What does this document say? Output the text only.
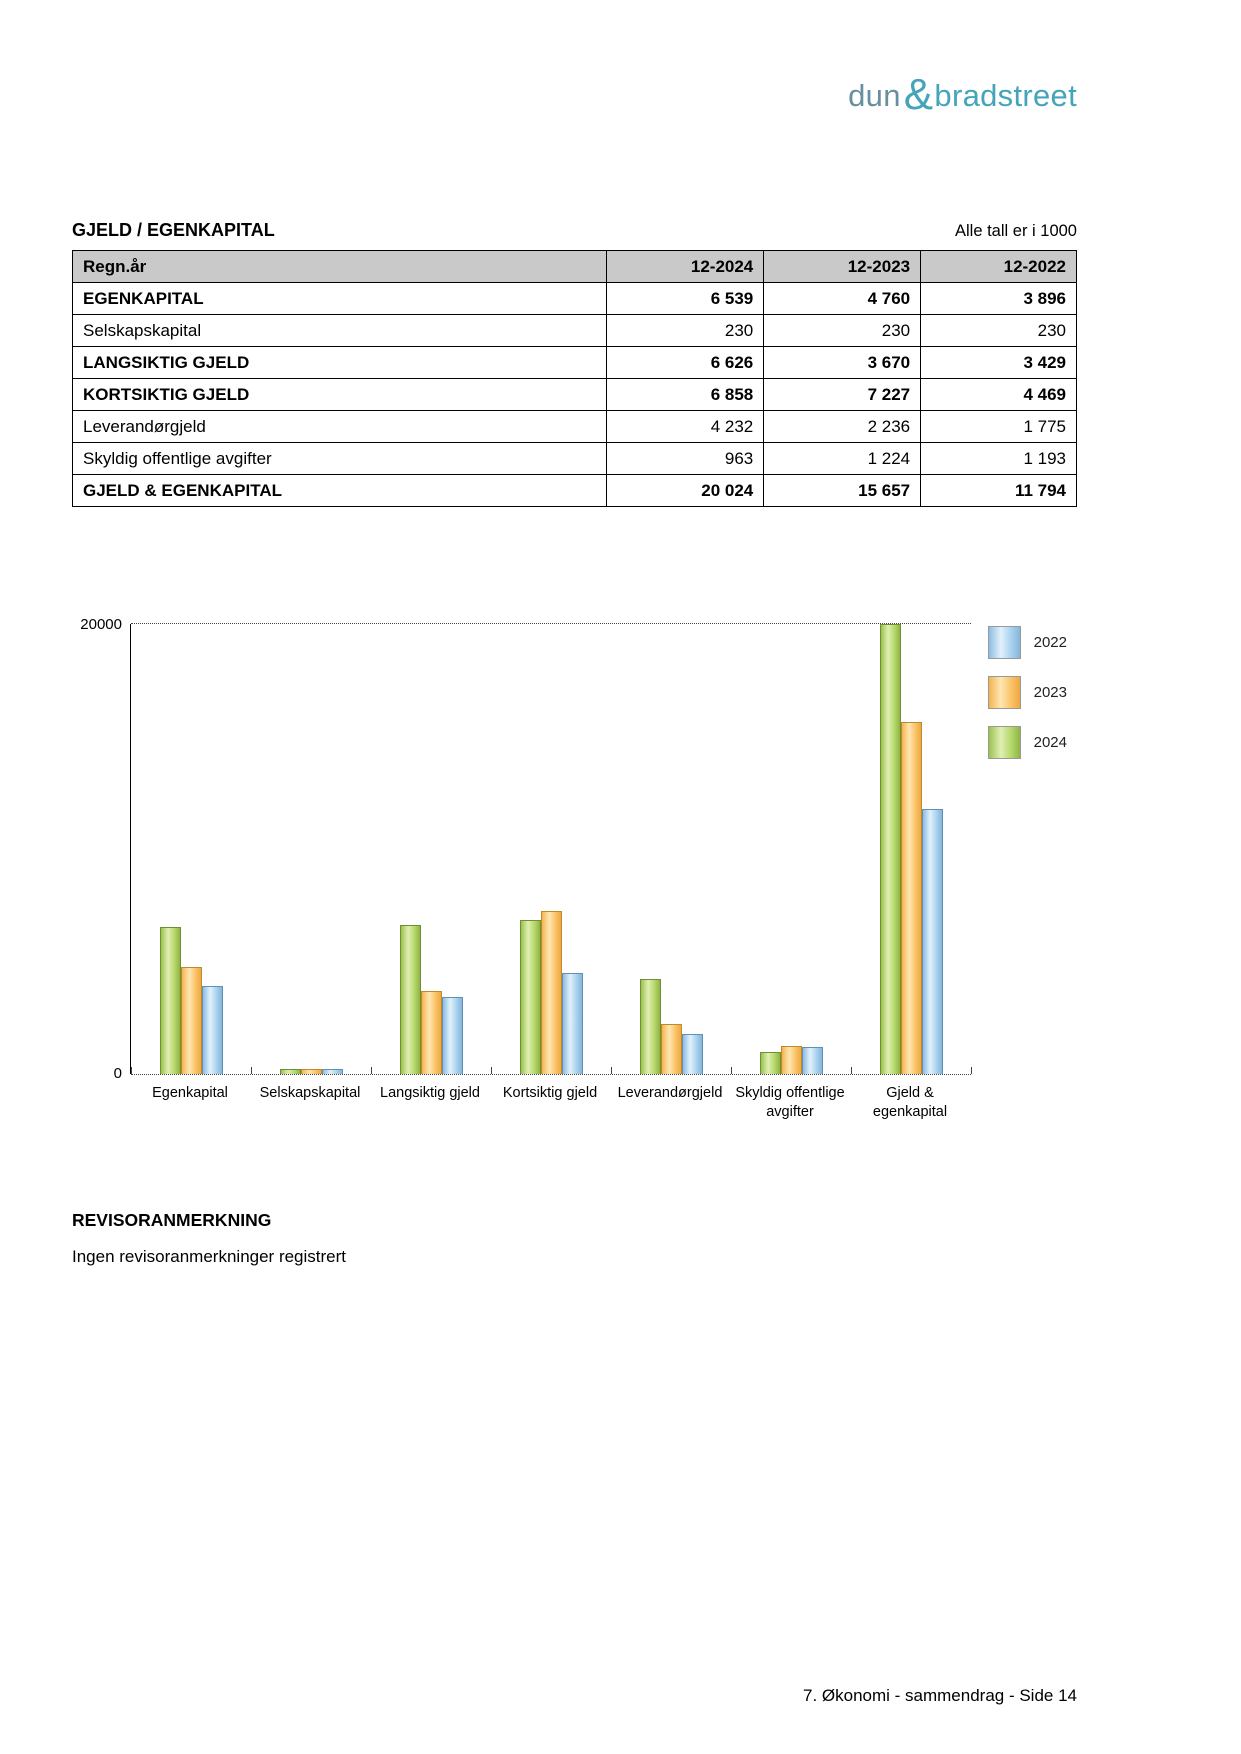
dun & bradstreet
GJELD / EGENKAPITAL	Alle tall er i 1000
Regn.år	12-2024	12-2023	12-2022
EGENKAPITAL	6 539	4 760	3 896
Selskapskapital	230	230	230
LANGSIKTIG GJELD	6 626	3 670	3 429
KORTSIKTIG GJELD	6 858	7 227	4 469
Leverandørgjeld	4 232	2 236	1 775
Skyldig offentlige avgifter	963	1 224	1 193
GJELD & EGENKAPITAL	20 024	15 657	11 794
20000
0
2022
2023
2024
Egenkapital	Selskapskapital	Langsiktig gjeld	Kortsiktig gjeld	Leverandørgjeld Skyldig offentlige avgifter
Gjeld & egenkapital
REVISORANMERKNING
Ingen revisoranmerkninger registrert
7. Økonomi - sammendrag - Side 14
